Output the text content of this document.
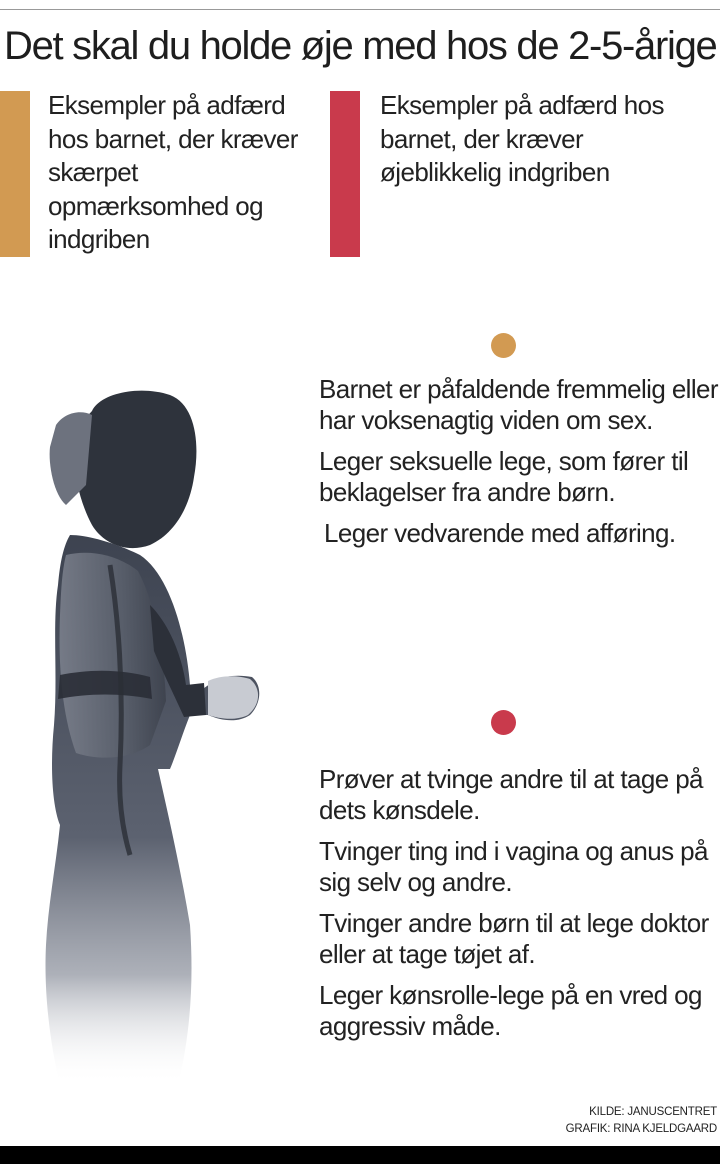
Det skal du holde øje med hos de 2-5-årige

Eksempler på adfærd hos barnet, der kræver skærpet opmærksomhed og indgriben

Eksempler på adfærd hos barnet, der kræver øjeblikkelig indgriben

Barnet er påfaldende fremmelig eller har voksenagtig viden om sex.
Leger seksuelle lege, som fører til beklagelser fra andre børn.
Leger vedvarende med afføring.
Prøver at tvinge andre til at tage på dets kønsdele.
Tvinger ting ind i vagina og anus på sig selv og andre.
Tvinger andre børn til at lege doktor eller at tage tøjet af.
Leger kønsrolle-lege på en vred og aggressiv måde.
KILDE: JANUSCENTRET
GRAFIK: RINA KJELDGAARD
